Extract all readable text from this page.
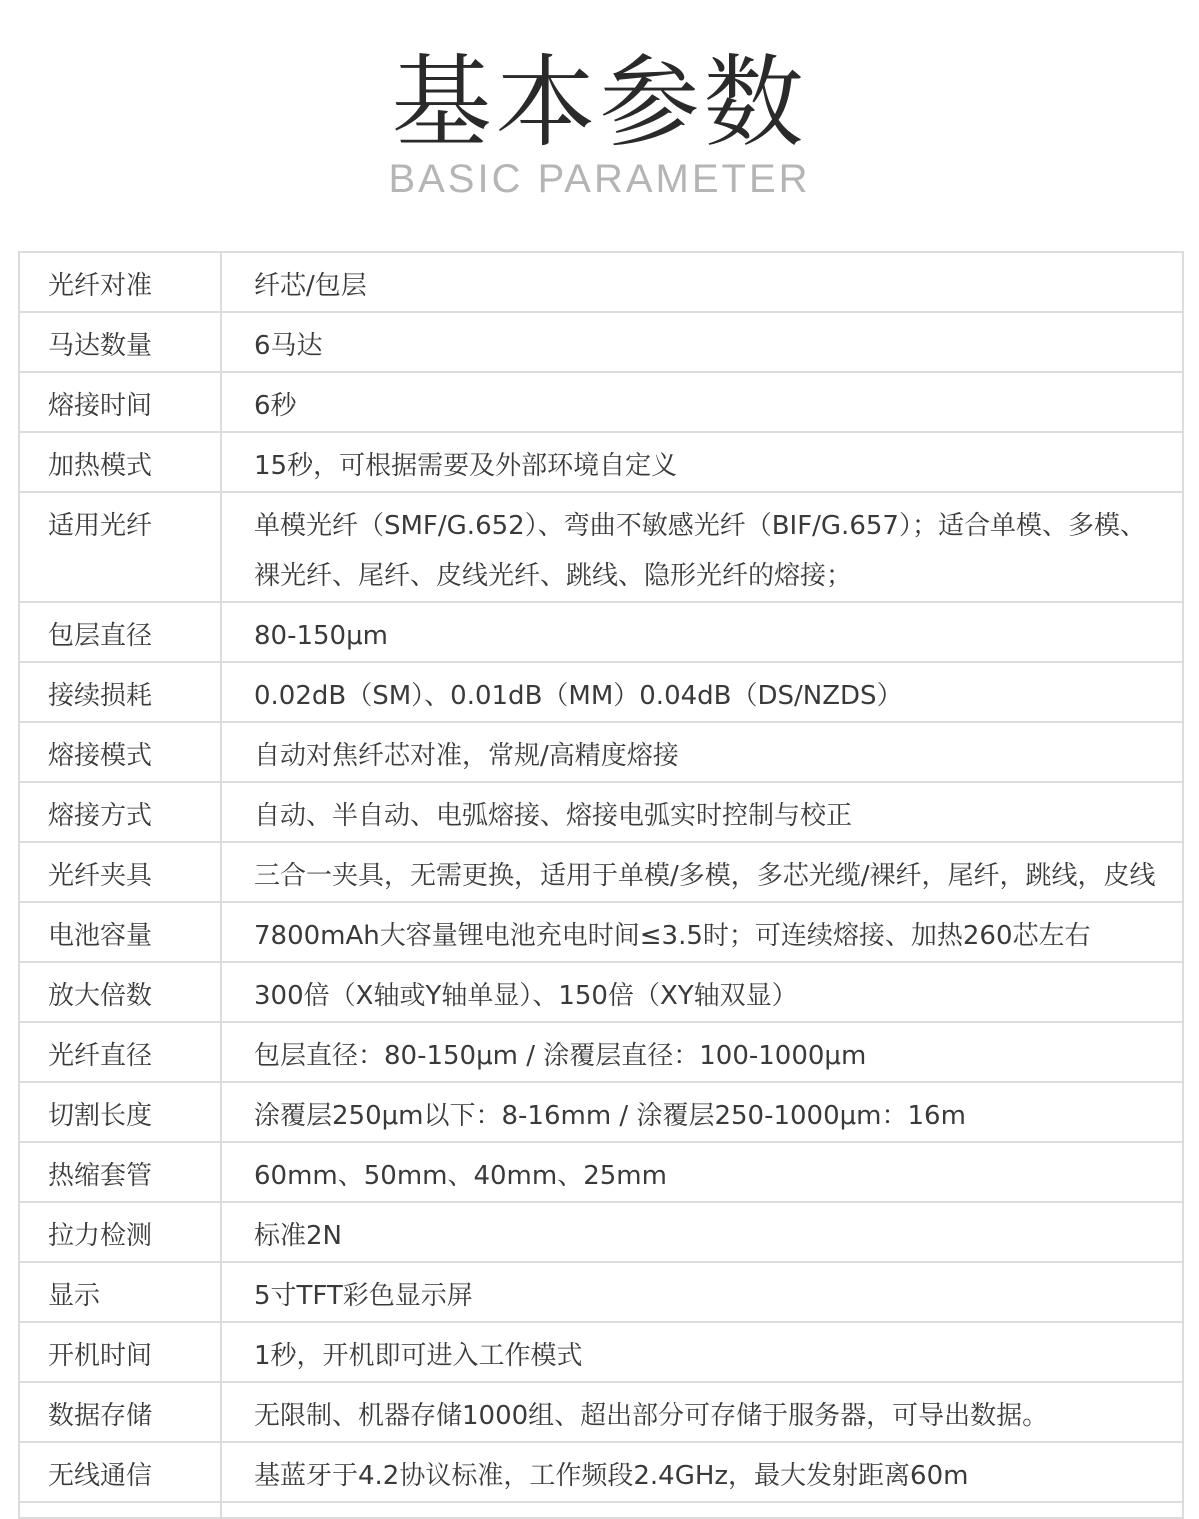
基本参数
BASIC PARAMETER
光纤对准	纤芯/包层
马达数量	6马达
熔接时间	6秒
加热模式	15秒，可根据需要及外部环境自定义
适用光纤	单模光纤（SMF/G.652）、弯曲不敏感光纤（BIF/G.657）；适合单模、多模、裸光纤、尾纤、皮线光纤、跳线、隐形光纤的熔接；
包层直径	80-150μm
接续损耗	0.02dB（SM）、0.01dB（MM）0.04dB（DS/NZDS）
熔接模式	自动对焦纤芯对准，常规/高精度熔接
熔接方式	自动、半自动、电弧熔接、熔接电弧实时控制与校正
光纤夹具	三合一夹具，无需更换，适用于单模/多模，多芯光缆/裸纤，尾纤，跳线，皮线
电池容量	7800mAh大容量锂电池充电时间≤3.5时；可连续熔接、加热260芯左右
放大倍数	300倍（X轴或Y轴单显）、150倍（XY轴双显）
光纤直径	包层直径：80-150μm / 涂覆层直径：100-1000μm
切割长度	涂覆层250μm以下：8-16mm / 涂覆层250-1000μm：16m
热缩套管	60mm、50mm、40mm、25mm
拉力检测	标准2N
显示	5寸TFT彩色显示屏
开机时间	1秒，开机即可进入工作模式
数据存储	无限制、机器存储1000组、超出部分可存储于服务器，可导出数据。
无线通信	基蓝牙于4.2协议标准，工作频段2.4GHz，最大发射距离60m
